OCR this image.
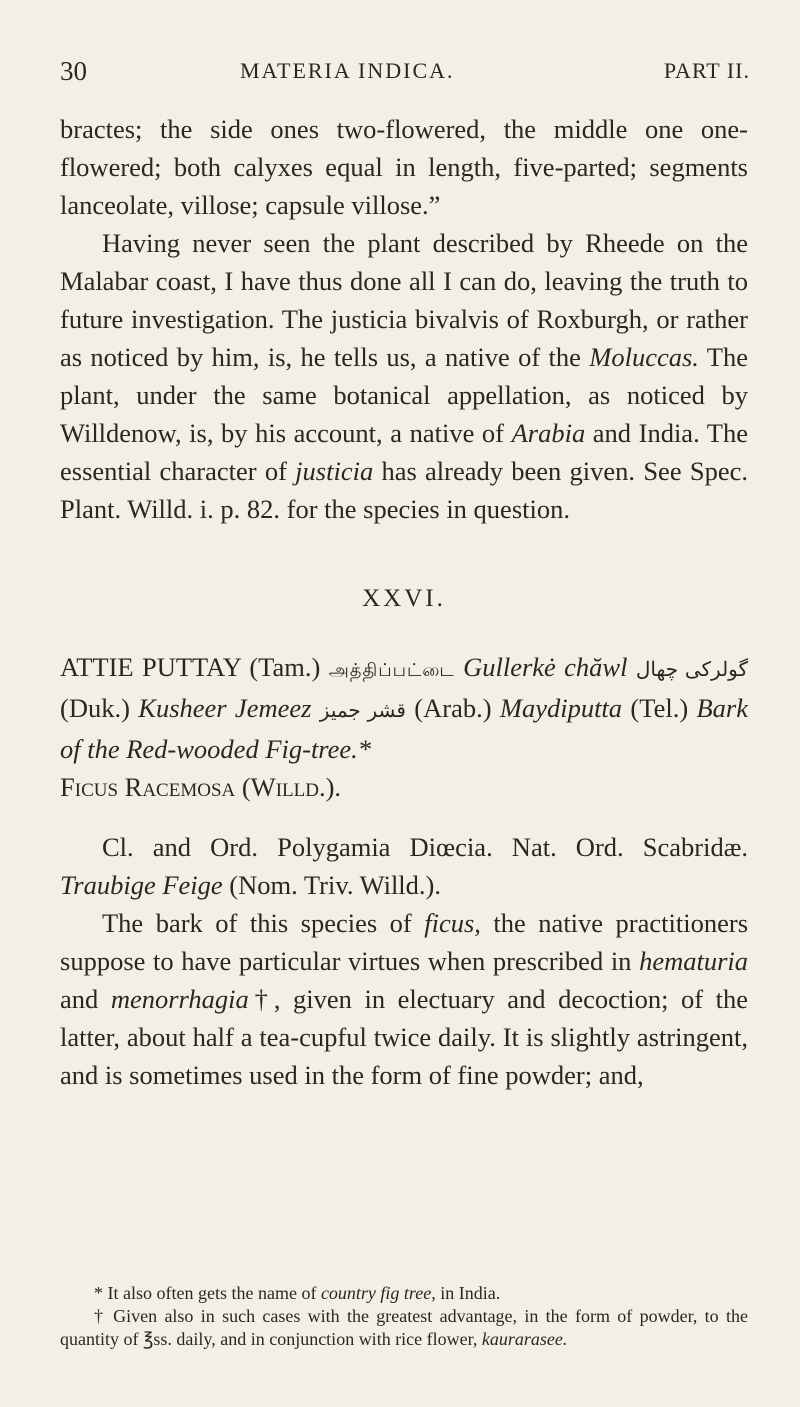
30	MATERIA INDICA.	PART II.

bractes; the side ones two-flowered, the middle one one-flowered; both calyxes equal in length, five-parted; segments lanceolate, villose; capsule villose.”

Having never seen the plant described by Rheede on the Malabar coast, I have thus done all I can do, leaving the truth to future investigation. The justicia bivalvis of Roxburgh, or rather as noticed by him, is, he tells us, a native of the Moluccas. The plant, under the same botanical appellation, as noticed by Willdenow, is, by his account, a native of Arabia and India. The essential character of justicia has already been given. See Spec. Plant. Willd. i. p. 82. for the species in question.

XXVI.

ATTIE PUTTAY (Tam.) அத்திப்பட்டை Gullerkė chăwl گولرکی چھال (Duk.) Kusheer Jemeez قشر جميز (Arab.) Maydiputta (Tel.) Bark of the Red-wooded Fig-tree.*

Ficus Racemosa (Willd.).

Cl. and Ord. Polygamia Diœcia. Nat. Ord. Scabridæ. Traubige Feige (Nom. Triv. Willd.).

The bark of this species of ficus, the native practitioners suppose to have particular virtues when prescribed in hematuria and menorrhagia†, given in electuary and decoction; of the latter, about half a tea-cupful twice daily. It is slightly astringent, and is sometimes used in the form of fine powder; and,

* It also often gets the name of country fig tree, in India.

† Given also in such cases with the greatest advantage, in the form of powder, to the quantity of ℥ss. daily, and in conjunction with rice flower, kaurarasee.
